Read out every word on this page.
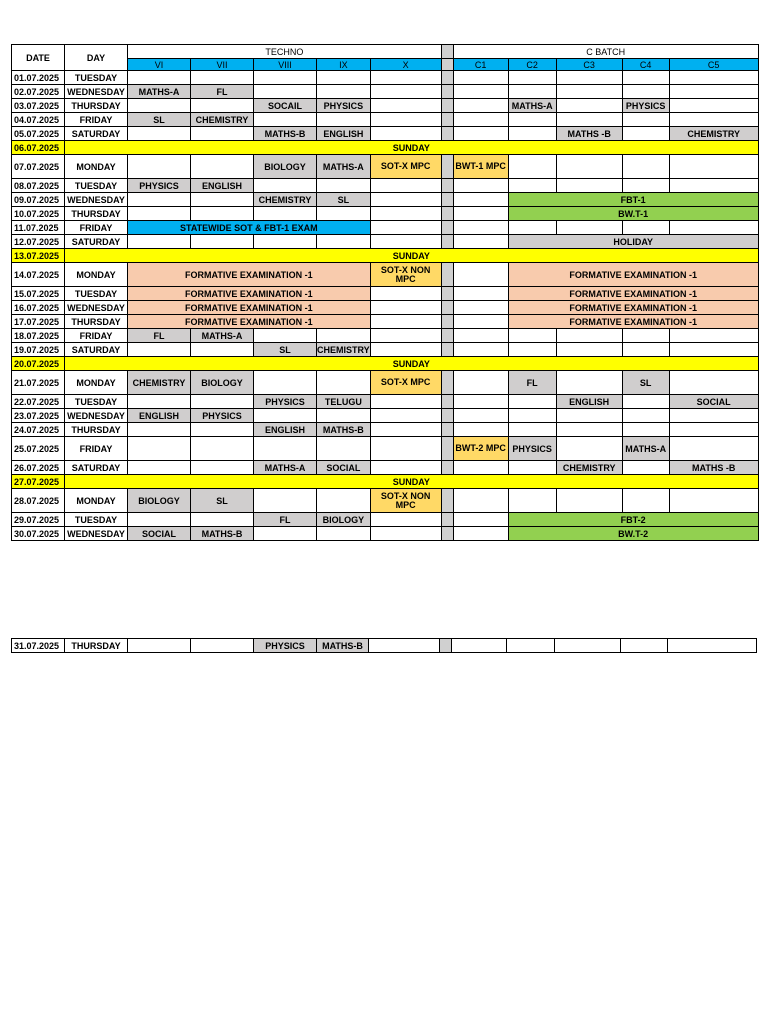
DATE	DAY	TECHNO						C BATCH				
		VI	VII	VIII	IX	X		C1	C2	C3	C4	C5
01.07.2025	TUESDAY											
02.07.2025	WEDNESDAY	MATHS-A	FL									
03.07.2025	THURSDAY			SOCAIL	PHYSICS				MATHS-A		PHYSICS	
04.07.2025	FRIDAY	SL	CHEMISTRY									
05.07.2025	SATURDAY			MATHS-B	ENGLISH					MATHS -B		CHEMISTRY
06.07.2025	SUNDAY											
07.07.2025	MONDAY			BIOLOGY	MATHS-A	SOT-X MPC		BWT-1 MPC				
08.07.2025	TUESDAY	PHYSICS	ENGLISH									
09.07.2025	WEDNESDAY			CHEMISTRY	SL				FBT-1			
10.07.2025	THURSDAY								BW.T-1			
11.07.2025	FRIDAY	STATEWIDE SOT & FBT-1 EXAM										
12.07.2025	SATURDAY								HOLIDAY			
13.07.2025	SUNDAY											
14.07.2025	MONDAY	FORMATIVE EXAMINATION -1				SOT-X NON MPC			FORMATIVE EXAMINATION -1			
15.07.2025	TUESDAY	FORMATIVE EXAMINATION -1							FORMATIVE EXAMINATION -1			
16.07.2025	WEDNESDAY	FORMATIVE EXAMINATION -1							FORMATIVE EXAMINATION -1			
17.07.2025	THURSDAY	FORMATIVE EXAMINATION -1							FORMATIVE EXAMINATION -1			
18.07.2025	FRIDAY	FL	MATHS-A									
19.07.2025	SATURDAY			SL	CHEMISTRY							
20.07.2025	SUNDAY											
21.07.2025	MONDAY	CHEMISTRY	BIOLOGY			SOT-X MPC			FL		SL	
22.07.2025	TUESDAY			PHYSICS	TELUGU					ENGLISH		SOCIAL
23.07.2025	WEDNESDAY	ENGLISH	PHYSICS									
24.07.2025	THURSDAY			ENGLISH	MATHS-B							
25.07.2025	FRIDAY							BWT-2 MPC	PHYSICS		MATHS-A	
26.07.2025	SATURDAY			MATHS-A	SOCIAL					CHEMISTRY		MATHS -B
27.07.2025	SUNDAY											
28.07.2025	MONDAY	BIOLOGY	SL			SOT-X NON MPC						
29.07.2025	TUESDAY			FL	BIOLOGY				FBT-2			
30.07.2025	WEDNESDAY	SOCIAL	MATHS-B						BW.T-2			
31.07.2025	THURSDAY			PHYSICS	MATHS-B							
